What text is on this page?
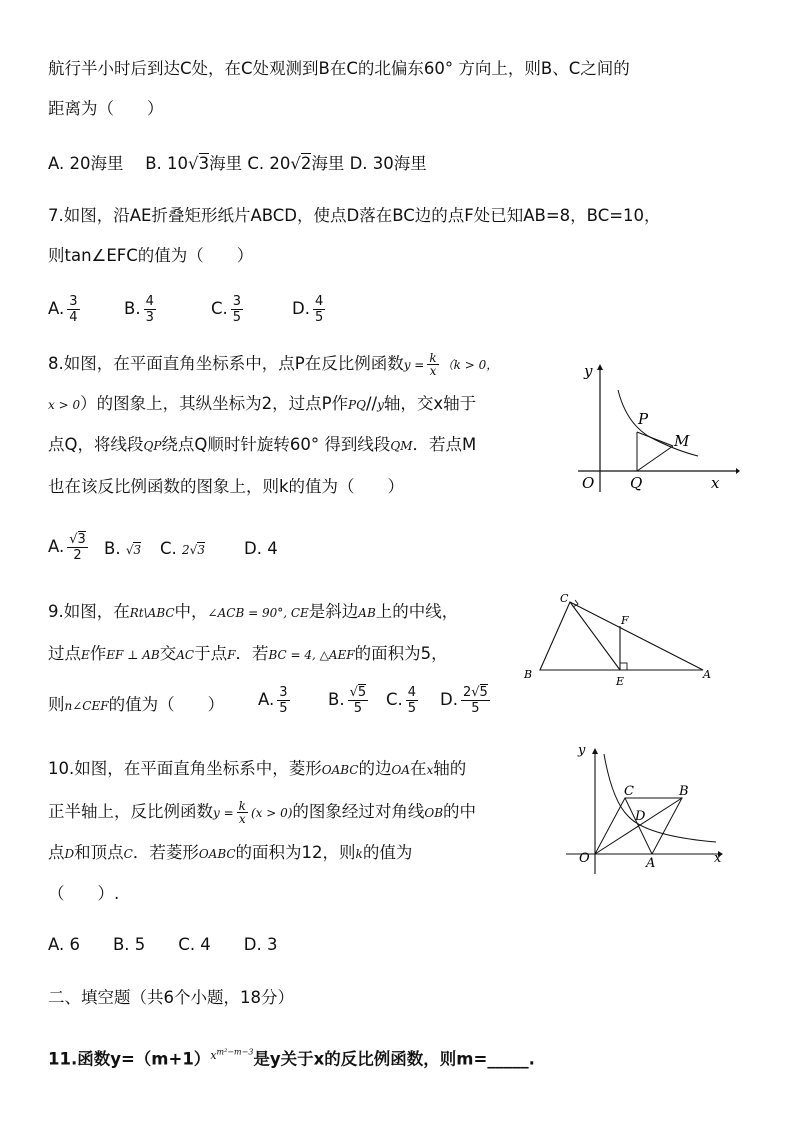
航行半小时后到达C处，在C处观测到B在C的北偏东60° 方向上，则B、C之间的
距离为（　　）
A. 20海里　 B. 10√3海里 C. 20√2海里 D. 30海里
7.如图，沿AE折叠矩形纸片ABCD，使点D落在BC边的点F处已知AB=8，BC=10，
则tan∠EFC的值为（　　）
A. $\frac{3}{4}$	B. $\frac{4}{3}$	C. $\frac{3}{5}$	D. $\frac{4}{5}$
8.如图，在平面直角坐标系中，点P在反比例函数$y = \frac{k}{x} (k > 0$，
x > 0）的图象上，其纵坐标为2，过点P作PQ//y轴，交x轴于
点Q，将线段QP绕点Q顺时针旋转60° 得到线段QM．若点M
也在该反比例函数的图象上，则k的值为（　　）
A. $\frac{√3}{2} B$. √3 C. 2√3 D. 4
y
x
O
P
Q
M
9.如图，在Rt\ABC中，∠ACB = 90°, CE是斜边AB上的中线，
过点E作EF ⊥ AB交AC于点F．若BC = 4, △AEF的面积为5，
则n∠CEF的值为（　　） A. $\frac{3}{5} B$. $\frac{√5}{5} C$. $\frac{4}{5} D$. $\frac{2√5}{5}$
C
F
B
E
A
10.如图，在平面直角坐标系中，菱形OABC的边OA在x轴的
正半轴上，反比例函数$y = \frac{k}{x} (x > 0)$的图象经过对角线OB的中
点D和顶点C．若菱形OABC的面积为12，则k的值为
（　　）.
A. 6　　B. 5　　C. 4　　D. 3
y
x
O	A
B
C
D
二、填空题（共6个小题，18分）
11.函数$y=(m+1)^{x^{m^2-m-3}}$是y关于x的反比例函数，则m=_____.
